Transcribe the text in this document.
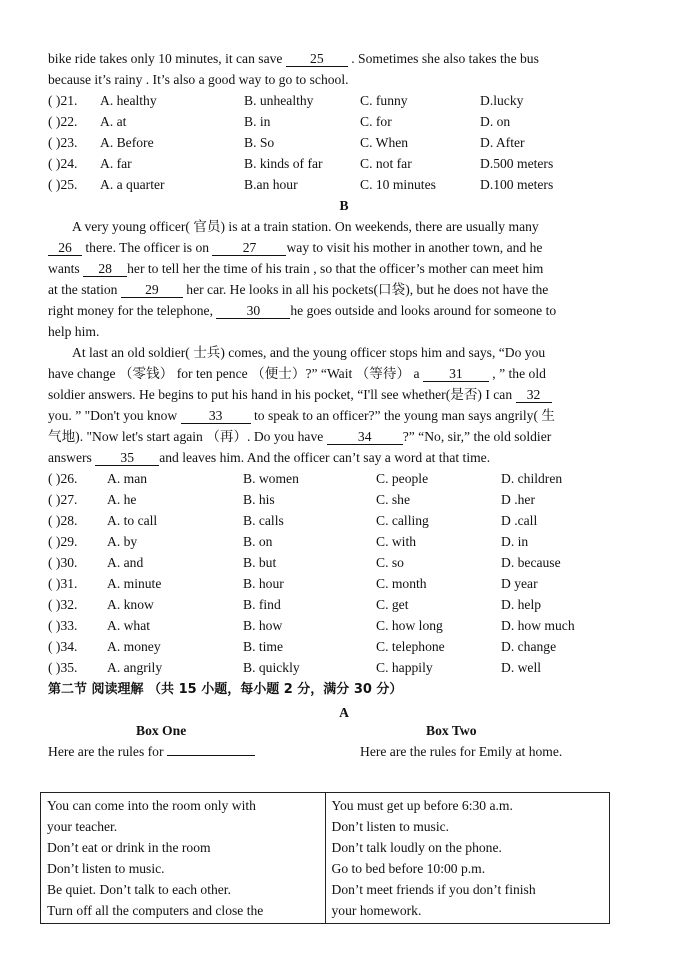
bike ride takes only 10 minutes, it can save 25 . Sometimes she also takes the bus
because it’s rainy . It’s also a good way to go to school.
( )21. A. healthy	B. unhealthy	C. funny	D.lucky
( )22. A. at	B. in	C. for	D. on
( )23. A. Before	B. So	C. When	D. After
( )24. A. far	B. kinds of far	C. not far	D.500 meters
( )25. A. a quarter	B.an hour	C. 10 minutes	D.100 meters
B
A very young officer( 官员) is at a train station. On weekends, there are usually many
26 there. The officer is on 27 way to visit his mother in another town, and he
wants 28 her to tell her the time of his train , so that the officer’s mother can meet him
at the station 29 her car. He looks in all his pockets(口袋), but he does not have the
right money for the telephone, 30 he goes outside and looks around for someone to
help him.
At last an old soldier( 士兵) comes, and the young officer stops him and says, “Do you
have change （零钱） for ten pence （便士）?” “Wait （等待） a 31 , ” the old
soldier answers. He begins to put his hand in his pocket, “I'll see whether(是否) I can 32
you. ” "Don't you know 33 to speak to an officer?” the young man says angrily( 生
气地). "Now let's start again （再）. Do you have 34 ?” “No, sir,” the old soldier
answers 35 and leaves him. And the officer can’t say a word at that time.
( )26. A. man	B. women	C. people	D. children
( )27. A. he	B. his	C. she	D .her
( )28. A. to call	B. calls	C. calling	D .call
( )29. A. by	B. on	C. with	D. in
( )30. A. and	B. but	C. so	D. because
( )31. A. minute	B. hour	C. month	D year
( )32. A. know	B. find	C. get	D. help
( )33. A. what	B. how	C. how long	D. how much
( )34. A. money	B. time	C. telephone	D. change
( )35. A. angrily	B. quickly	C. happily	D. well
第二节 阅读理解 （共 15 小题，每小题 2 分，满分 30 分）
A
Box One	Box Two
Here are the rules for	Here are the rules for Emily at home.
You can come into the room only with
your teacher.
Don’t eat or drink in the room
Don’t listen to music.
Be quiet. Don’t talk to each other.
Turn off all the computers and close the

You must get up before 6:30 a.m.
Don’t listen to music.
Don’t talk loudly on the phone.
Go to bed before 10:00 p.m.
Don’t meet friends if you don’t finish
your homework.
